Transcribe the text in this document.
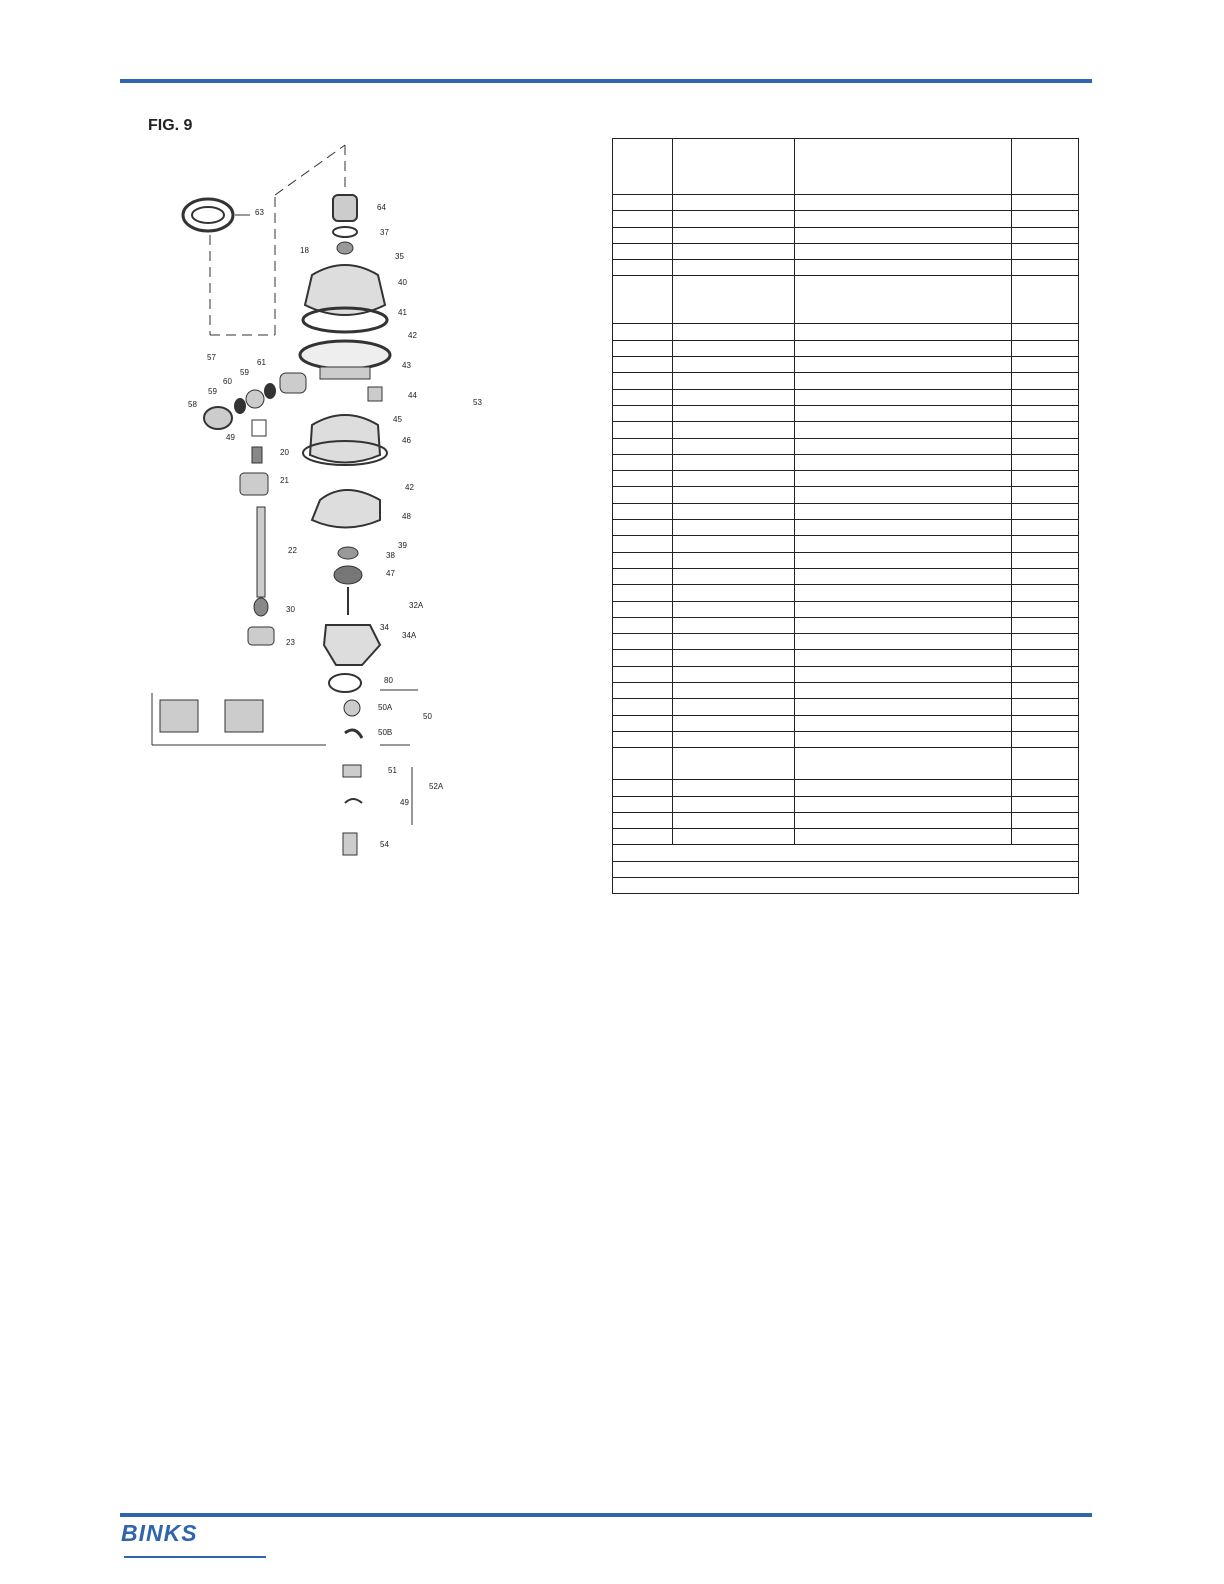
FIG. 9
63
18
64
37
35
40
41
42
43
57
61
59
60
59
58
44
53
45
46
49
20
21
22
42
48
39
38
47
30
23
32A
34
34A
80
50A
50
50B
51
52A
49
54

BINKS
